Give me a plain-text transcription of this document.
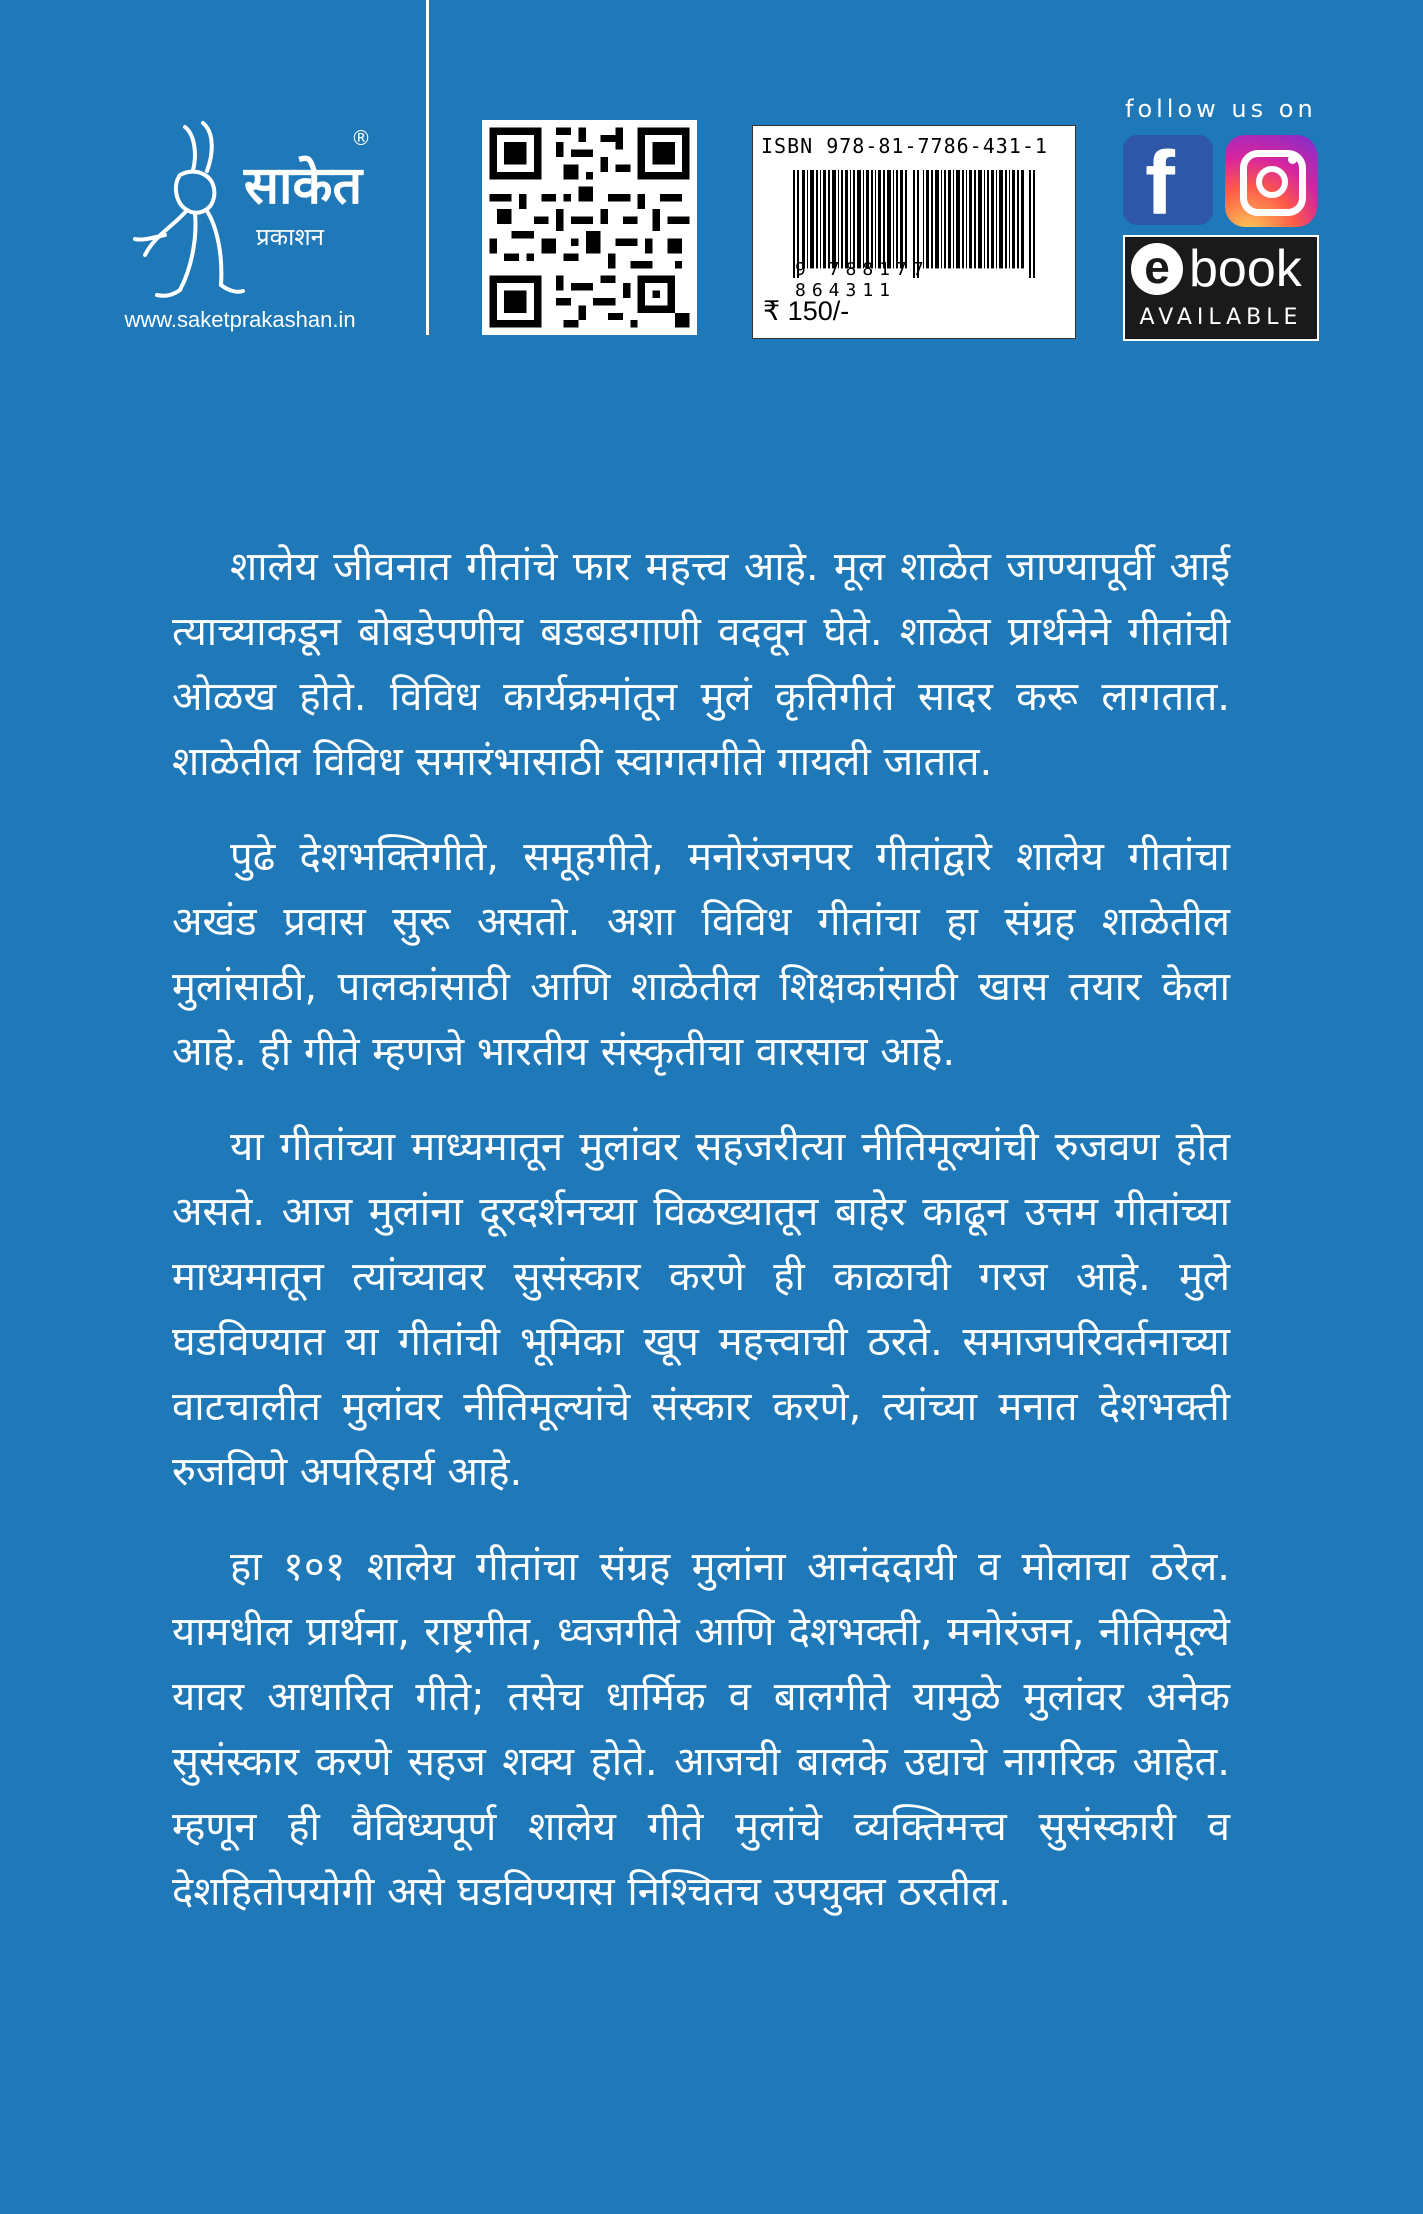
साकेत
प्रकाशन
®
www.saketprakashan.in
ISBN 978-81-7786-431-1
9 788177 864311
₹ 150/-
follow us on
f
e book
AVAILABLE

शालेय जीवनात गीतांचे फार महत्त्व आहे. मूल शाळेत जाण्यापूर्वी आई त्याच्याकडून बोबडेपणीच बडबडगाणी वदवून घेते. शाळेत प्रार्थनेने गीतांची ओळख होते. विविध कार्यक्रमांतून मुलं कृतिगीतं सादर करू लागतात. शाळेतील विविध समारंभासाठी स्वागतगीते गायली जातात.

पुढे देशभक्तिगीते, समूहगीते, मनोरंजनपर गीतांद्वारे शालेय गीतांचा अखंड प्रवास सुरू असतो. अशा विविध गीतांचा हा संग्रह शाळेतील मुलांसाठी, पालकांसाठी आणि शाळेतील शिक्षकांसाठी खास तयार केला आहे. ही गीते म्हणजे भारतीय संस्कृतीचा वारसाच आहे.

या गीतांच्या माध्यमातून मुलांवर सहजरीत्या नीतिमूल्यांची रुजवण होत असते. आज मुलांना दूरदर्शनच्या विळख्यातून बाहेर काढून उत्तम गीतांच्या माध्यमातून त्यांच्यावर सुसंस्कार करणे ही काळाची गरज आहे. मुले घडविण्यात या गीतांची भूमिका खूप महत्त्वाची ठरते. समाजपरिवर्तनाच्या वाटचालीत मुलांवर नीतिमूल्यांचे संस्कार करणे, त्यांच्या मनात देशभक्ती रुजविणे अपरिहार्य आहे.

हा १०१ शालेय गीतांचा संग्रह मुलांना आनंददायी व मोलाचा ठरेल. यामधील प्रार्थना, राष्ट्रगीत, ध्वजगीते आणि देशभक्ती, मनोरंजन, नीतिमूल्ये यावर आधारित गीते; तसेच धार्मिक व बालगीते यामुळे मुलांवर अनेक सुसंस्कार करणे सहज शक्य होते. आजची बालके उद्याचे नागरिक आहेत. म्हणून ही वैविध्यपूर्ण शालेय गीते मुलांचे व्यक्तिमत्त्व सुसंस्कारी व देशहितोपयोगी असे घडविण्यास निश्चितच उपयुक्त ठरतील.
